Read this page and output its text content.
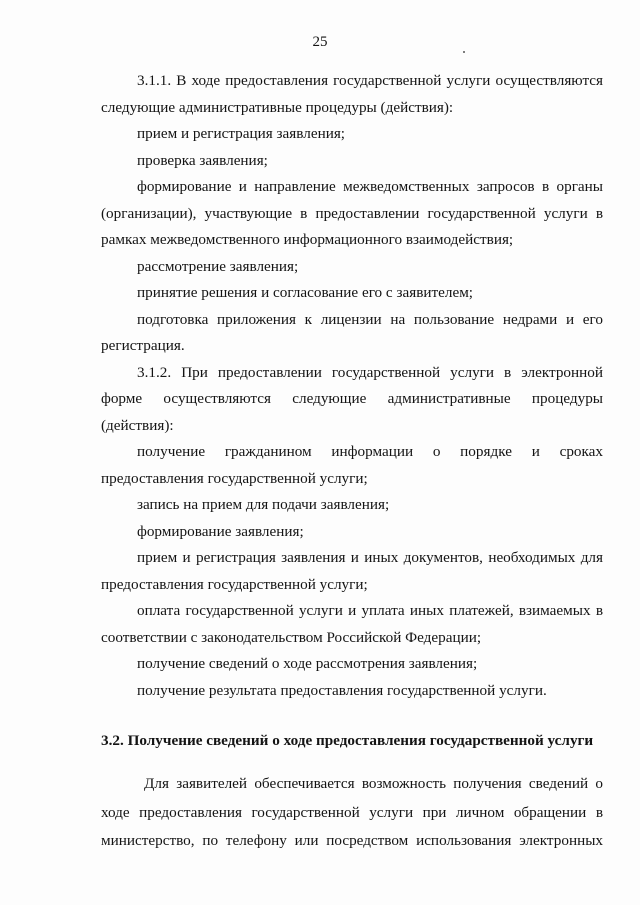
25

3.1.1. В ходе предоставления государственной услуги осуществляются следующие административные процедуры (действия):

прием и регистрация заявления;

проверка заявления;

формирование и направление межведомственных запросов в органы (организации), участвующие в предоставлении государственной услуги в рамках межведомственного информационного взаимодействия;

рассмотрение заявления;

принятие решения и согласование его с заявителем;

подготовка приложения к лицензии на пользование недрами и его регистрация.

3.1.2. При предоставлении государственной услуги в электронной форме осуществляются следующие административные процедуры (действия):

получение гражданином информации о порядке и сроках предоставления государственной услуги;

запись на прием для подачи заявления;

формирование заявления;

прием и регистрация заявления и иных документов, необходимых для предоставления государственной услуги;

оплата государственной услуги и уплата иных платежей, взимаемых в соответствии с законодательством Российской Федерации;

получение сведений о ходе рассмотрения заявления;

получение результата предоставления государственной услуги.

3.2. Получение сведений о ходе предоставления государственной услуги

Для заявителей обеспечивается возможность получения сведений о ходе предоставления государственной услуги при личном обращении в министерство, по телефону или посредством использования электронных
